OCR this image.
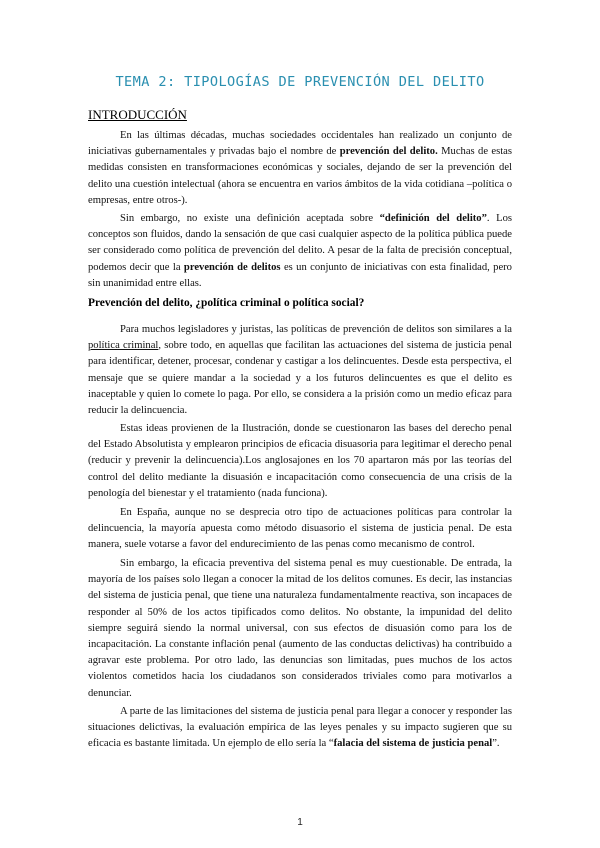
TEMA 2: TIPOLOGÍAS DE PREVENCIÓN DEL DELITO
INTRODUCCIÓN

En las últimas décadas, muchas sociedades occidentales han realizado un conjunto de iniciativas gubernamentales y privadas bajo el nombre de prevención del delito. Muchas de estas medidas consisten en transformaciones económicas y sociales, dejando de ser la prevención del delito una cuestión intelectual (ahora se encuentra en varios ámbitos de la vida cotidiana –política o empresas, entre otros-).

Sin embargo, no existe una definición aceptada sobre “definición del delito”. Los conceptos son fluidos, dando la sensación de que casi cualquier aspecto de la política pública puede ser considerado como política de prevención del delito. A pesar de la falta de precisión conceptual, podemos decir que la prevención de delitos es un conjunto de iniciativas con esta finalidad, pero sin unanimidad entre ellas.

Prevención del delito, ¿política criminal o política social?

Para muchos legisladores y juristas, las políticas de prevención de delitos son similares a la política criminal, sobre todo, en aquellas que facilitan las actuaciones del sistema de justicia penal para identificar, detener, procesar, condenar y castigar a los delincuentes. Desde esta perspectiva, el mensaje que se quiere mandar a la sociedad y a los futuros delincuentes es que el delito es inaceptable y quien lo comete lo paga. Por ello, se considera a la prisión como un medio eficaz para reducir la delincuencia.

Estas ideas provienen de la Ilustración, donde se cuestionaron las bases del derecho penal del Estado Absolutista y emplearon principios de eficacia disuasoria para legitimar el derecho penal (reducir y prevenir la delincuencia).Los anglosajones en los 70 apartaron más por las teorías del control del delito mediante la disuasión e incapacitación como consecuencia de una crisis de la penología del bienestar y el tratamiento (nada funciona).

En España, aunque no se desprecia otro tipo de actuaciones políticas para controlar la delincuencia, la mayoría apuesta como método disuasorio el sistema de justicia penal. De esta manera, suele votarse a favor del endurecimiento de las penas como mecanismo de control.

Sin embargo, la eficacia preventiva del sistema penal es muy cuestionable. De entrada, la mayoría de los países solo llegan a conocer la mitad de los delitos comunes. Es decir, las instancias del sistema de justicia penal, que tiene una naturaleza fundamentalmente reactiva, son incapaces de responder al 50% de los actos tipificados como delitos. No obstante, la impunidad del delito siempre seguirá siendo la normal universal, con sus efectos de disuasión como para los de incapacitación. La constante inflación penal (aumento de las conductas delictivas) ha contribuido a agravar este problema. Por otro lado, las denuncias son limitadas, pues muchos de los actos violentos cometidos hacia los ciudadanos son considerados triviales como para motivarlos a denunciar.

A parte de las limitaciones del sistema de justicia penal para llegar a conocer y responder las situaciones delictivas, la evaluación empírica de las leyes penales y su impacto sugieren que su eficacia es bastante limitada. Un ejemplo de ello sería la “falacia del sistema de justicia penal”.

1
